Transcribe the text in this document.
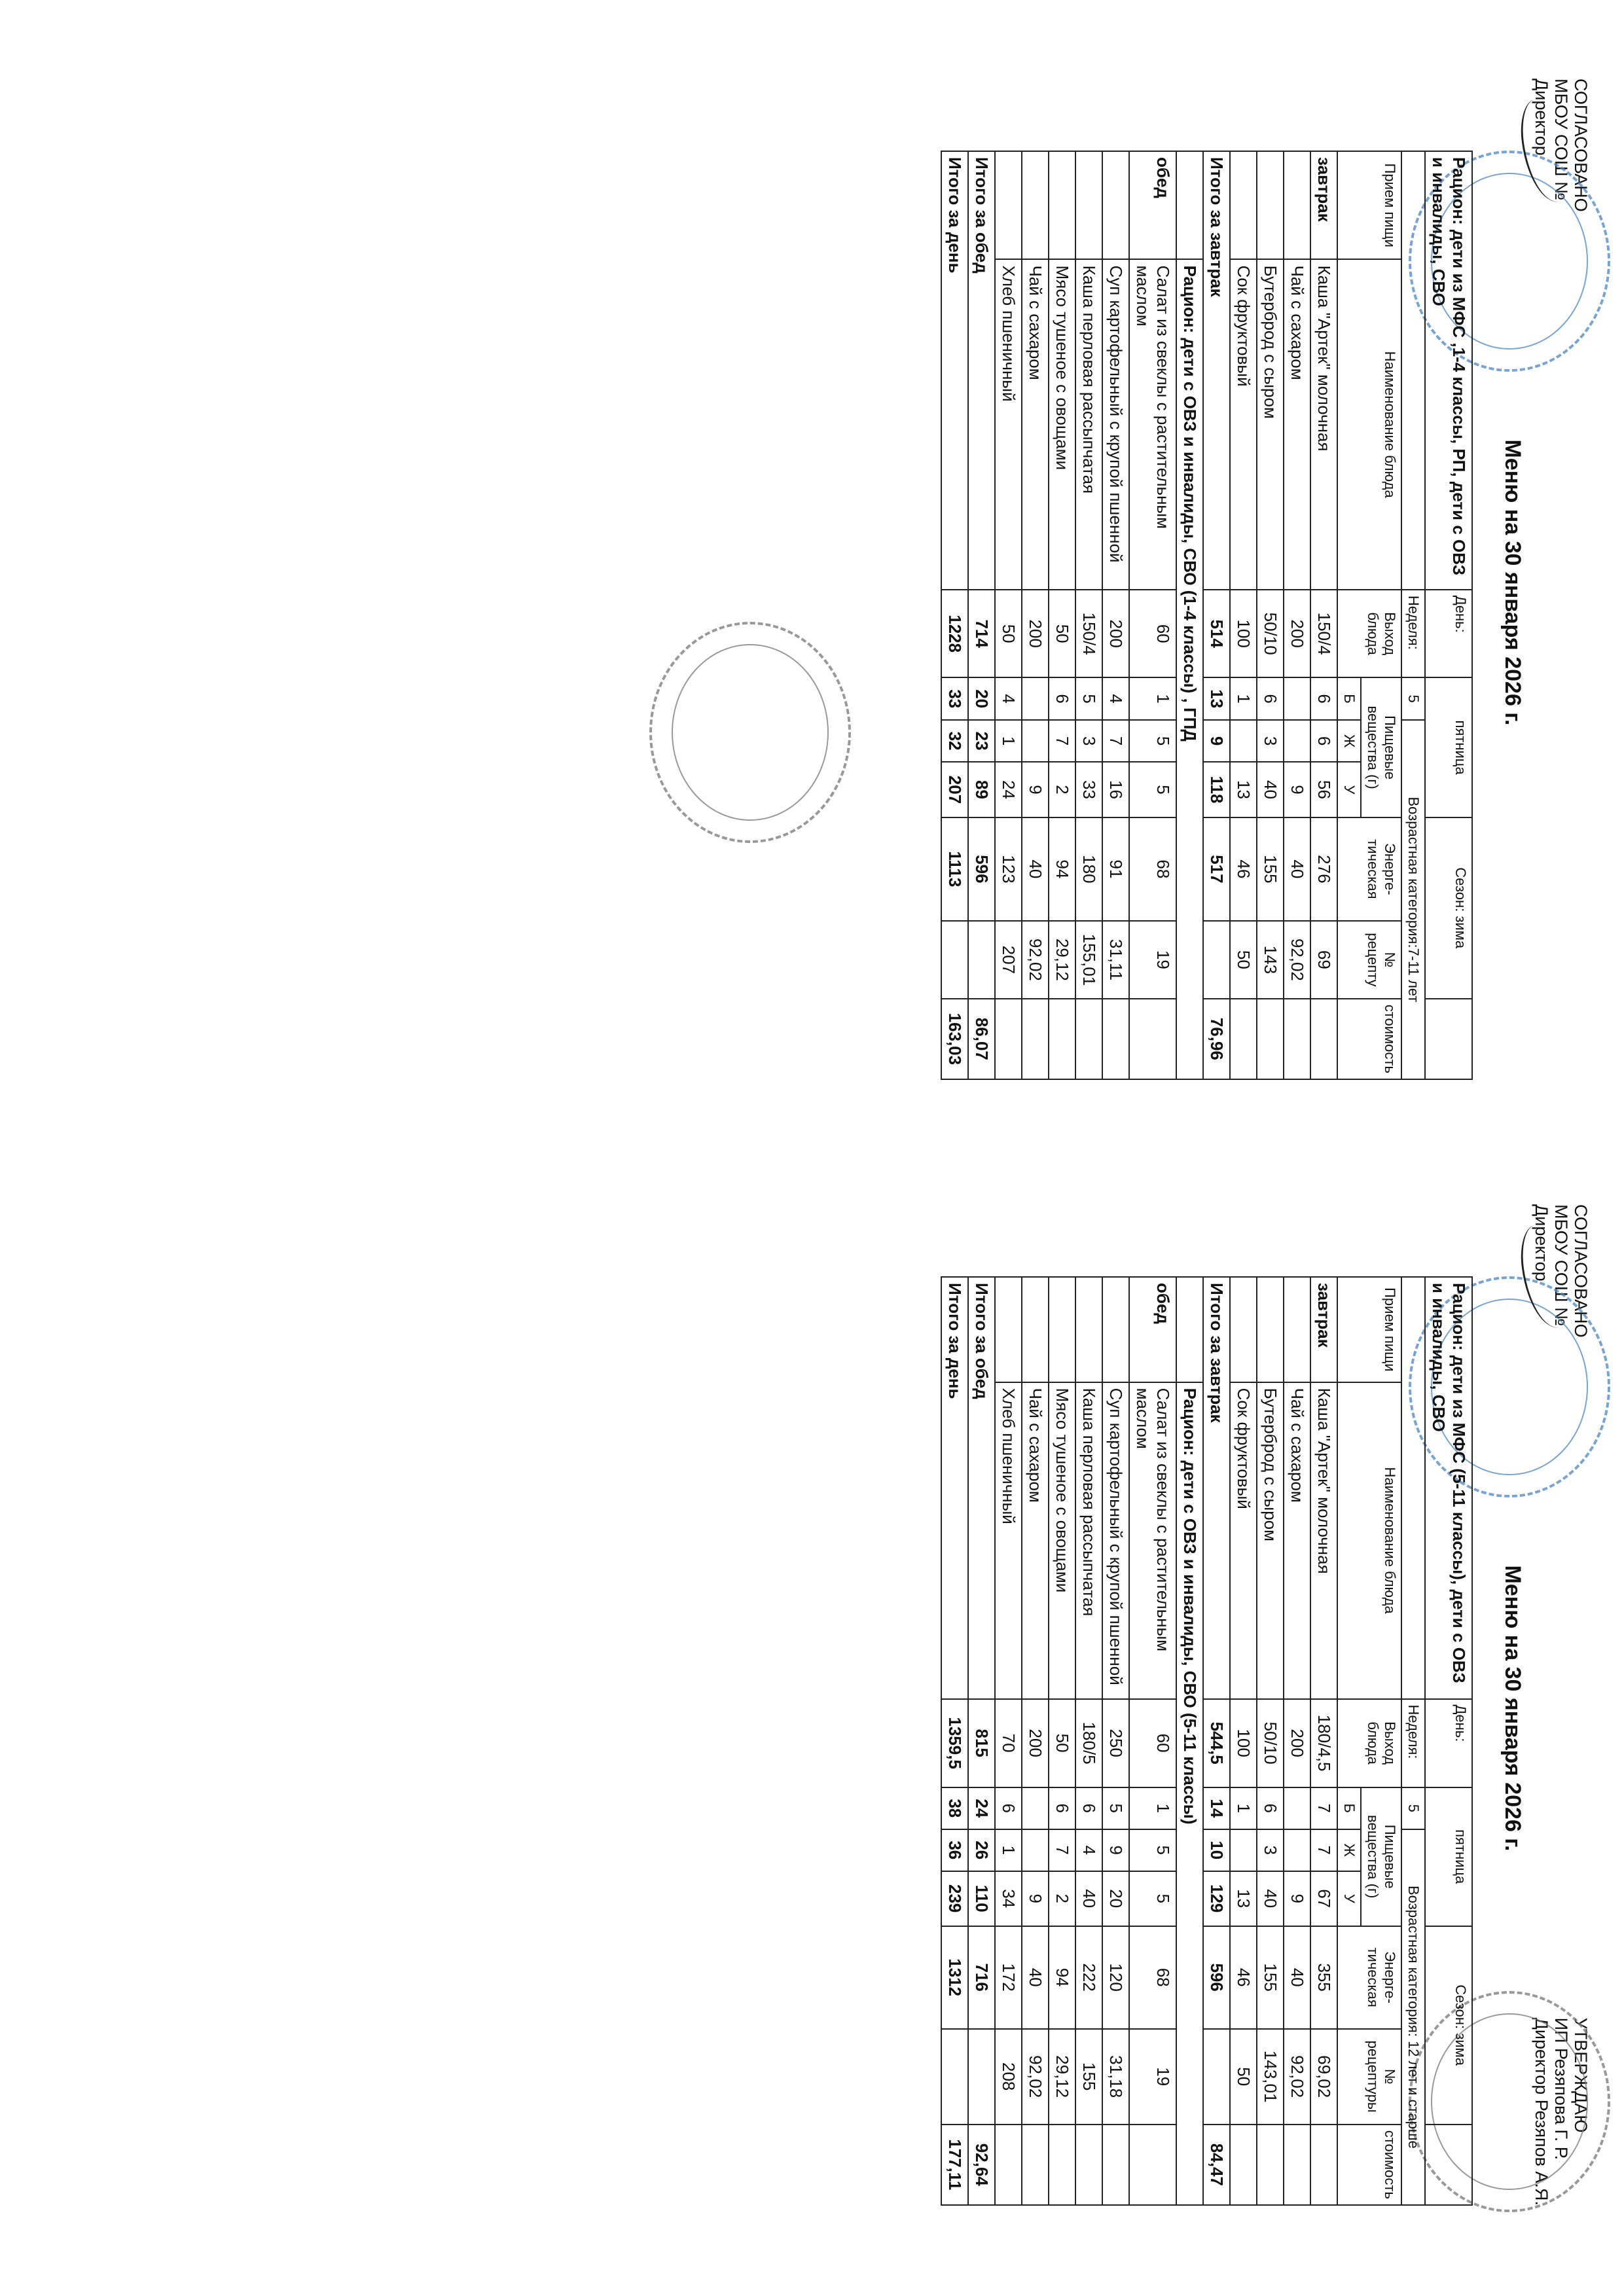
СОГЛАСОВАНО
МБОУ СОШ №
Директор
Меню на 30 января 2026 г.
Рацион: дети из МФС ,1-4 классы, РП, дети с ОВЗ и инвалиды, СВО		День:	пятница			Сезон: зима		
		Неделя:	5	Возрастная категория:7-11 лет				
Прием пищи	Наименование блюда	Выход блюда	Пищевые вещества (г)			Энерге-тическая	№ рецепту	стоимость
			Б	Ж	У			
завтрак	Каша "Артек" молочная	150/4	6	6	56	276	69	
	Чай с сахаром	200			9	40	92,02	
	Бутерброд с сыром	50/10	6	3	40	155	143	
	Сок фруктовый	100	1		13	46	50	
Итого за завтрак		514	13	9	118	517		76,96
	Рацион: дети с ОВЗ и инвалиды, СВО (1-4 классы) , ГПД							
обед	Салат из свеклы с растительным маслом	60	1	5	5	68	19	
	Суп картофельный с крупой пшенной	200	4	7	16	91	31,11	
	Каша перловая рассыпчатая	150/4	5	3	33	180	155,01	
	Мясо тушеное с овощами	50	6	7	2	94	29,12	
	Чай с сахаром	200			9	40	92,02	
	Хлеб пшеничный	50	4	1	24	123	207	
Итого за обед		714	20	23	89	596		86,07
Итого за день		1228	33	32	207	1113		163,03
СОГЛАСОВАНО
МБОУ СОШ №
Директор
УТВЕРЖДАЮ
ИП Резяпова Г. Р.
Директор Резяпов А.Я.
Меню на 30 января 2026 г.
Рацион: дети из МФС (5-11 классы), дети с ОВЗ и инвалиды, СВО		День:	пятница			Сезон: зима		
		Неделя:	5	Возрастная категория: 12 лет и старше				
Прием пищи	Наименование блюда	Выход блюда	Пищевые вещества (г)			Энерге-тическая	№ рецептуры	стоимость
			Б	Ж	У			
завтрак	Каша "Артек" молочная	180/4,5	7	7	67	355	69,02	
	Чай с сахаром	200			9	40	92,02	
	Бутерброд с сыром	50/10	6	3	40	155	143,01	
	Сок фруктовый	100	1		13	46	50	
Итого за завтрак		544,5	14	10	129	596		84,47
	Рацион: дети с ОВЗ и инвалиды, СВО (5-11 классы)							
обед	Салат из свеклы с растительным маслом	60	1	5	5	68	19	
	Суп картофельный с крупой пшенной	250	5	9	20	120	31,18	
	Каша перловая рассыпчатая	180/5	6	4	40	222	155	
	Мясо тушеное с овощами	50	6	7	2	94	29,12	
	Чай с сахаром	200			9	40	92,02	
	Хлеб пшеничный	70	6	1	34	172	208	
Итого за обед		815	24	26	110	716		92,64
Итого за день		1359,5	38	36	239	1312		177,11
